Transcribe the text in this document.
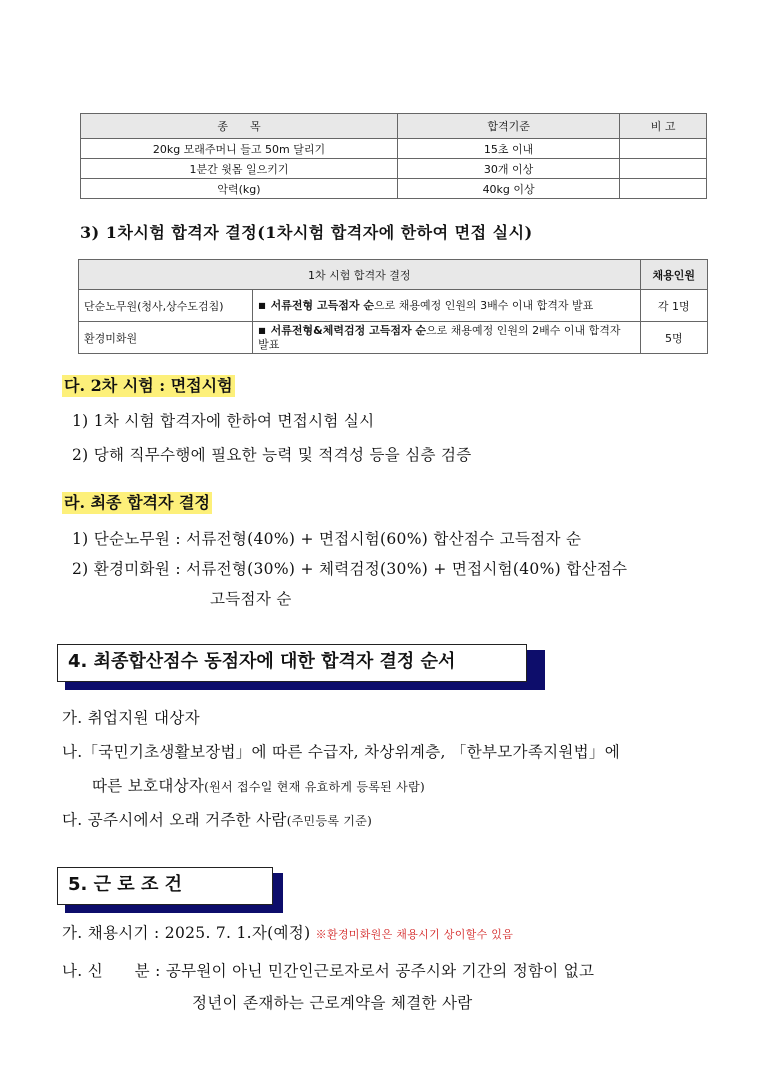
종　　목	합격기준	비 고
20kg 모래주머니 들고 50m 달리기	15초 이내	
1분간 윗몸 일으키기	30개 이상	
악력(kg)	40kg 이상	
3) 1차시험 합격자 결정(1차시험 합격자에 한하여 면접 실시)
1차 시험 합격자 결정		채용인원
단순노무원(청사,상수도검침)	■ 서류전형 고득점자 순으로 채용예정 인원의 3배수 이내 합격자 발표	각 1명
환경미화원	■ 서류전형&체력검정 고득점자 순으로 채용예정 인원의 2배수 이내 합격자 발표	5명
다. 2차 시험 : 면접시험
1) 1차 시험 합격자에 한하여 면접시험 실시
2) 당해 직무수행에 필요한 능력 및 적격성 등을 심층 검증
라. 최종 합격자 결정
1) 단순노무원 : 서류전형(40%) + 면접시험(60%) 합산점수 고득점자 순
2) 환경미화원 : 서류전형(30%) + 체력검정(30%) + 면접시험(40%) 합산점수
고득점자 순
4. 최종합산점수 동점자에 대한 합격자 결정 순서
가. 취업지원 대상자
나.「국민기초생활보장법」에 따른 수급자, 차상위계층, 「한부모가족지원법」에
따른 보호대상자(원서 접수일 현재 유효하게 등록된 사람)
다. 공주시에서 오래 거주한 사람(주민등록 기준)
5. 근 로 조 건
가. 채용시기 : 2025. 7. 1.자(예정) ※환경미화원은 채용시기 상이할수 있음
나. 신　　분 : 공무원이 아닌 민간인근로자로서 공주시와 기간의 정함이 없고
정년이 존재하는 근로계약을 체결한 사람
